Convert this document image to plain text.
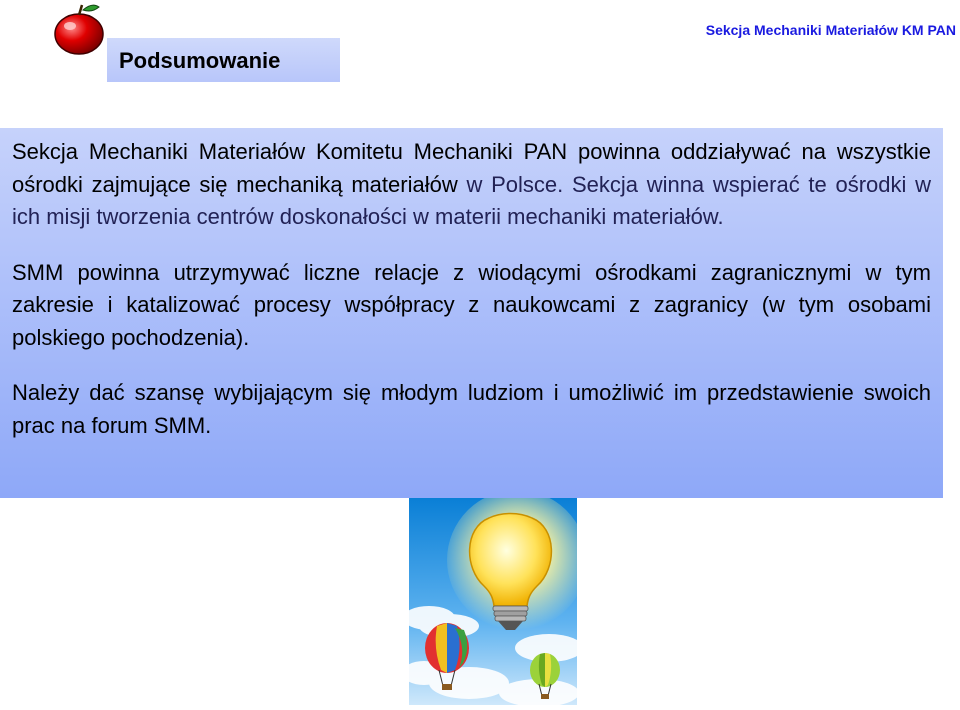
Podsumowanie
Sekcja Mechaniki Materiałów KM PAN

Sekcja Mechaniki Materiałów Komitetu Mechaniki PAN powinna oddziaływać na wszystkie ośrodki zajmujące się mechaniką materiałów w Polsce. Sekcja winna wspierać te ośrodki w ich misji tworzenia centrów doskonałości w materii mechaniki materiałów.

SMM powinna utrzymywać liczne relacje z wiodącymi ośrodkami zagranicznymi w tym zakresie i katalizować procesy współpracy z naukowcami z zagranicy (w tym osobami polskiego pochodzenia).

Należy dać szansę wybijającym się młodym ludziom i umożliwić im przedstawienie swoich prac na forum SMM.
